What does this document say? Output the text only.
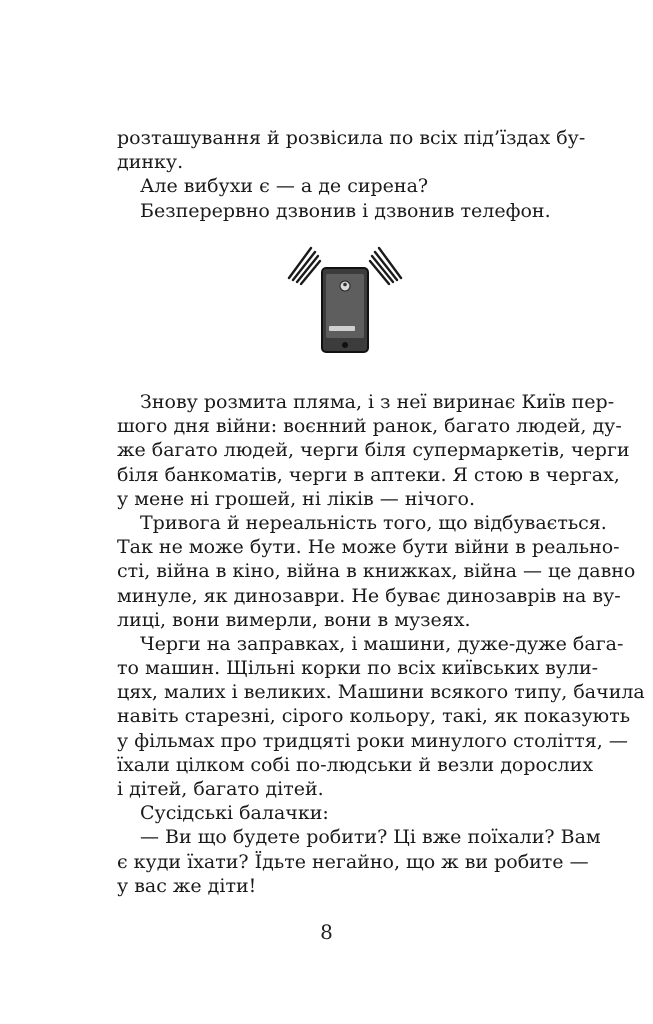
розташування й розвісила по всіх під’їздах бу-
динку.
Але вибухи є — а де сирена?
Безперервно дзвонив і дзвонив телефон.
Знову розмита пляма, і з неї виринає Київ пер-
шого дня війни: воєнний ранок, багато людей, ду-
же багато людей, черги біля супермаркетів, черги
біля банкоматів, черги в аптеки. Я стою в чергах,
у мене ні грошей, ні ліків — нічого.
Тривога й нереальність того, що відбувається.
Так не може бути. Не може бути війни в реально-
сті, війна в кіно, війна в книжках, війна — це давно
минуле, як динозаври. Не буває динозаврів на ву-
лиці, вони вимерли, вони в музеях.
Черги на заправках, і машини, дуже-дуже бага-
то машин. Щільні корки по всіх київських вули-
цях, малих і великих. Машини всякого типу, бачила
навіть старезні, сірого кольору, такі, як показують
у фільмах про тридцяті роки минулого століття, —
їхали цілком собі по-людськи й везли дорослих
і дітей, багато дітей.
Сусідські балачки:
— Ви що будете робити? Ці вже поїхали? Вам
є куди їхати? Їдьте негайно, що ж ви робите —
у вас же діти!
8
